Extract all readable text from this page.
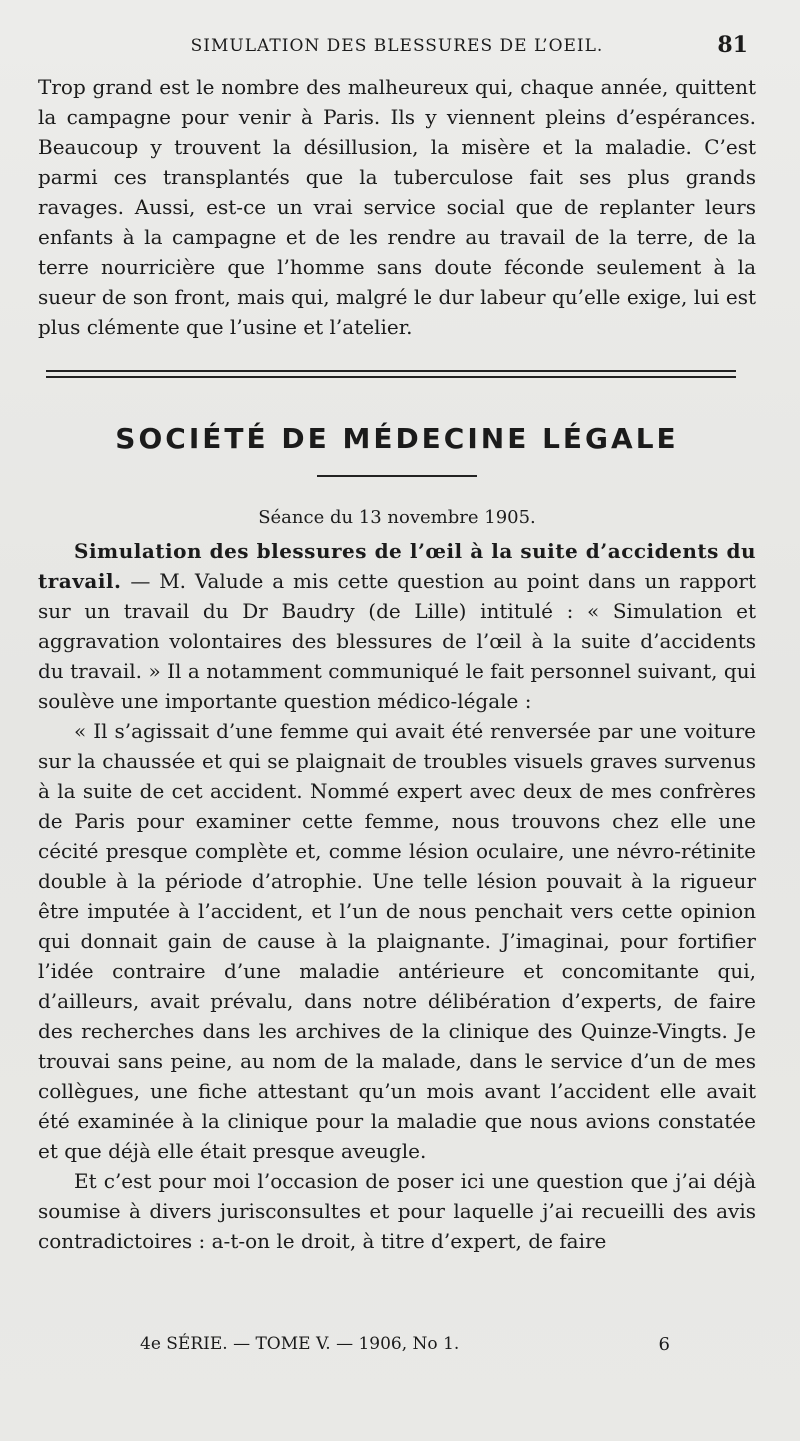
SIMULATION DES BLESSURES DE L’OEIL.	81

Trop grand est le nombre des malheureux qui, chaque année, quittent la campagne pour venir à Paris. Ils y viennent pleins d’espérances. Beaucoup y trouvent la désillusion, la misère et la maladie. C’est parmi ces transplantés que la tuberculose fait ses plus grands ravages. Aussi, est-ce un vrai service social que de replanter leurs enfants à la campagne et de les rendre au travail de la terre, de la terre nourricière que l’homme sans doute féconde seulement à la sueur de son front, mais qui, malgré le dur labeur qu’elle exige, lui est plus clémente que l’usine et l’atelier.

SOCIÉTÉ DE MÉDECINE LÉGALE
Séance du 13 novembre 1905.

Simulation des blessures de l’œil à la suite d’accidents du travail. — M. Valude a mis cette question au point dans un rapport sur un travail du Dr Baudry (de Lille) intitulé : « Simulation et aggravation volontaires des blessures de l’œil à la suite d’accidents du travail. » Il a notamment communiqué le fait personnel suivant, qui soulève une importante question médico-légale :

« Il s’agissait d’une femme qui avait été renversée par une voiture sur la chaussée et qui se plaignait de troubles visuels graves survenus à la suite de cet accident. Nommé expert avec deux de mes confrères de Paris pour examiner cette femme, nous trouvons chez elle une cécité presque complète et, comme lésion oculaire, une névro-rétinite double à la période d’atrophie. Une telle lésion pouvait à la rigueur être imputée à l’accident, et l’un de nous penchait vers cette opinion qui donnait gain de cause à la plaignante. J’imaginai, pour fortifier l’idée contraire d’une maladie antérieure et concomitante qui, d’ailleurs, avait prévalu, dans notre délibération d’experts, de faire des recherches dans les archives de la clinique des Quinze-Vingts. Je trouvai sans peine, au nom de la malade, dans le service d’un de mes collègues, une fiche attestant qu’un mois avant l’accident elle avait été examinée à la clinique pour la maladie que nous avions constatée et que déjà elle était presque aveugle.

Et c’est pour moi l’occasion de poser ici une question que j’ai déjà soumise à divers jurisconsultes et pour laquelle j’ai recueilli des avis contradictoires : a-t-on le droit, à titre d’expert, de faire

4e SÉRIE. — TOME V. — 1906, No 1.	6
